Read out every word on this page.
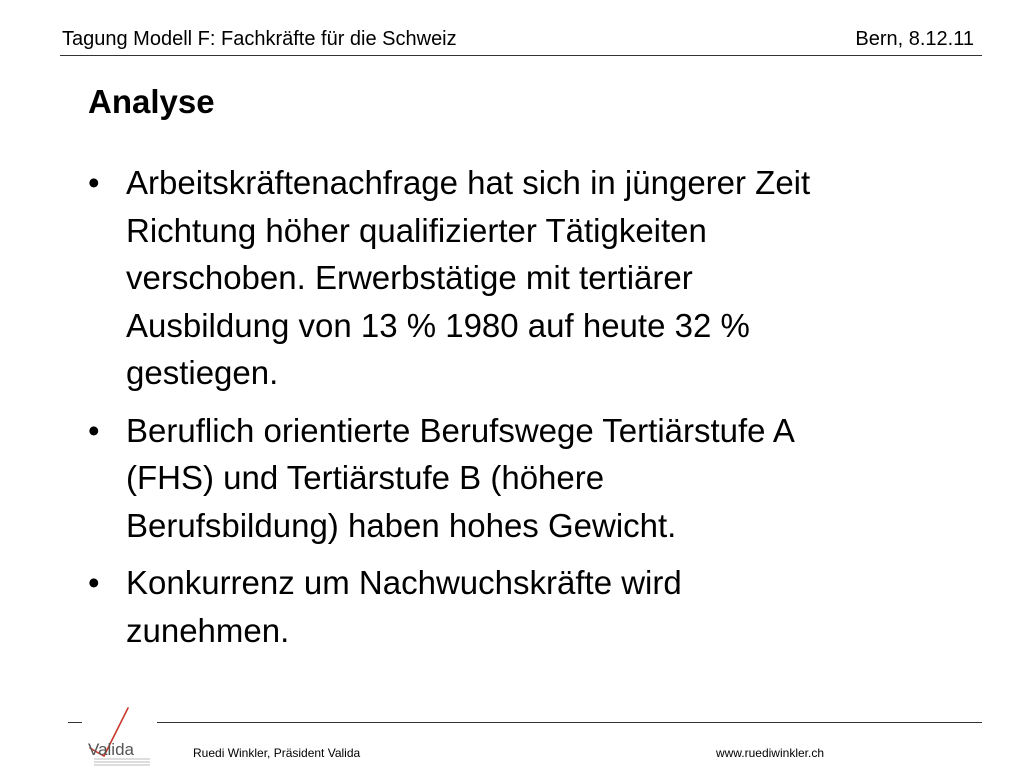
Tagung Modell F: Fachkräfte für die Schweiz	Bern, 8.12.11
Analyse
• Arbeitskräftenachfrage hat sich in jüngerer Zeit
Richtung höher qualifizierter Tätigkeiten
verschoben. Erwerbstätige mit tertiärer
Ausbildung von 13 % 1980 auf heute 32 %
gestiegen.
• Beruflich orientierte Berufswege Tertiärstufe A
(FHS) und Tertiärstufe B (höhere
Berufsbildung) haben hohes Gewicht.
• Konkurrenz um Nachwuchskräfte wird
zunehmen.
Valida	Ruedi Winkler, Präsident Valida	www.ruediwinkler.ch
